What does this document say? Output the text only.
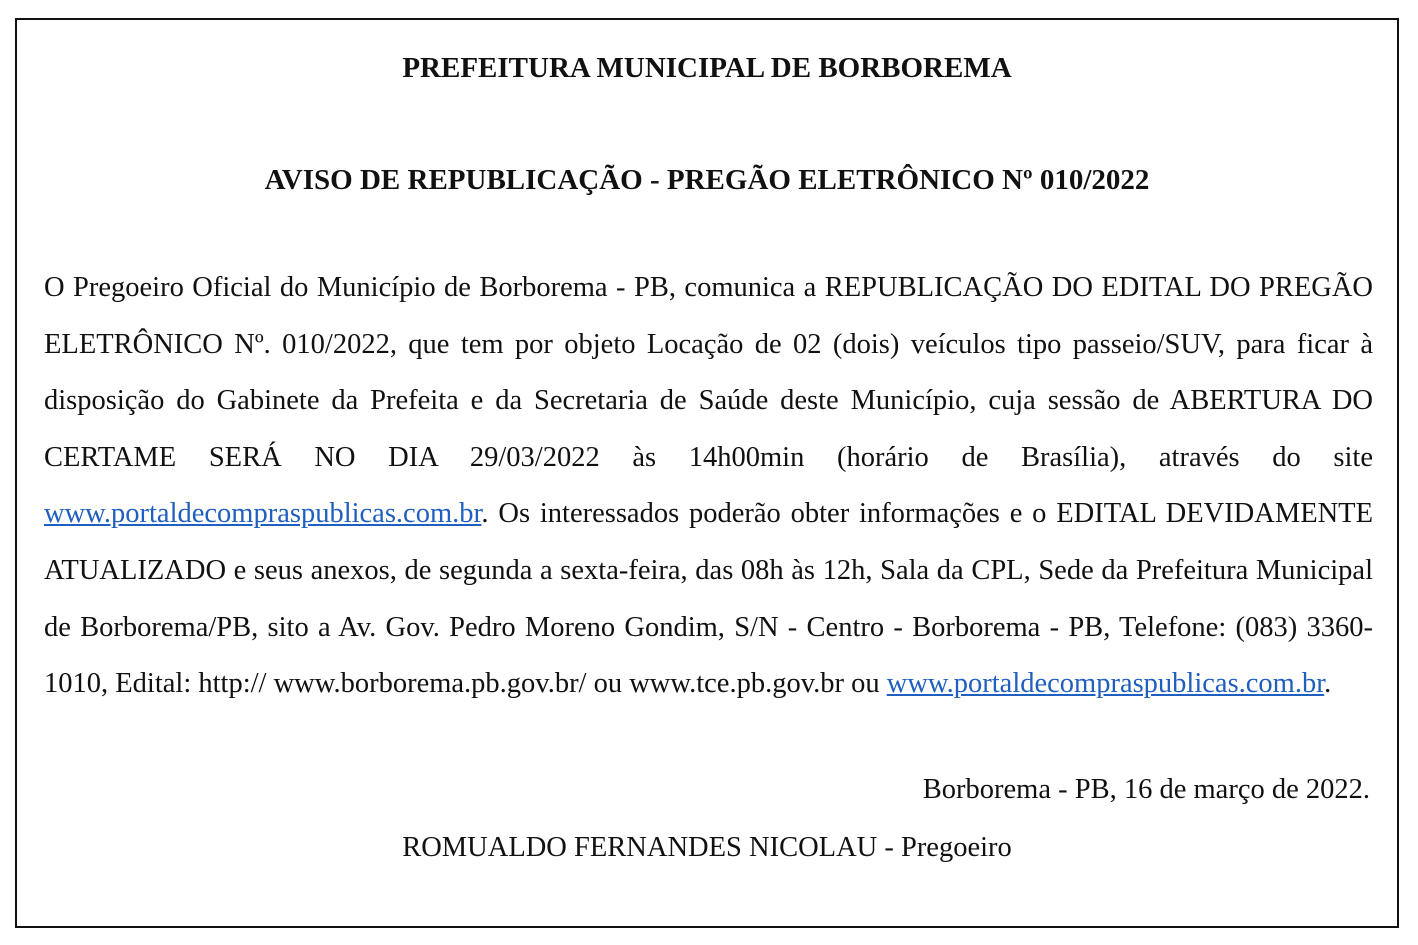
PREFEITURA MUNICIPAL DE BORBOREMA
AVISO DE REPUBLICAÇÃO - PREGÃO ELETRÔNICO Nº 010/2022

O Pregoeiro Oficial do Município de Borborema - PB, comunica a REPUBLICAÇÃO DO EDITAL DO PREGÃO ELETRÔNICO Nº. 010/2022, que tem por objeto Locação de 02 (dois) veículos tipo passeio/SUV, para ficar à disposição do Gabinete da Prefeita e da Secretaria de Saúde deste Município, cuja sessão de ABERTURA DO CERTAME SERÁ NO DIA 29/03/2022 às 14h00min (horário de Brasília), através do site www.portaldecompraspublicas.com.br. Os interessados poderão obter informações e o EDITAL DEVIDAMENTE ATUALIZADO e seus anexos, de segunda a sexta-feira, das 08h às 12h, Sala da CPL, Sede da Prefeitura Municipal de Borborema/PB, sito a Av. Gov. Pedro Moreno Gondim, S/N - Centro - Borborema - PB, Telefone: (083) 3360-1010, Edital: http:// www.borborema.pb.gov.br/ ou www.tce.pb.gov.br ou www.portaldecompraspublicas.com.br.

Borborema - PB, 16 de março de 2022.

ROMUALDO FERNANDES NICOLAU - Pregoeiro
